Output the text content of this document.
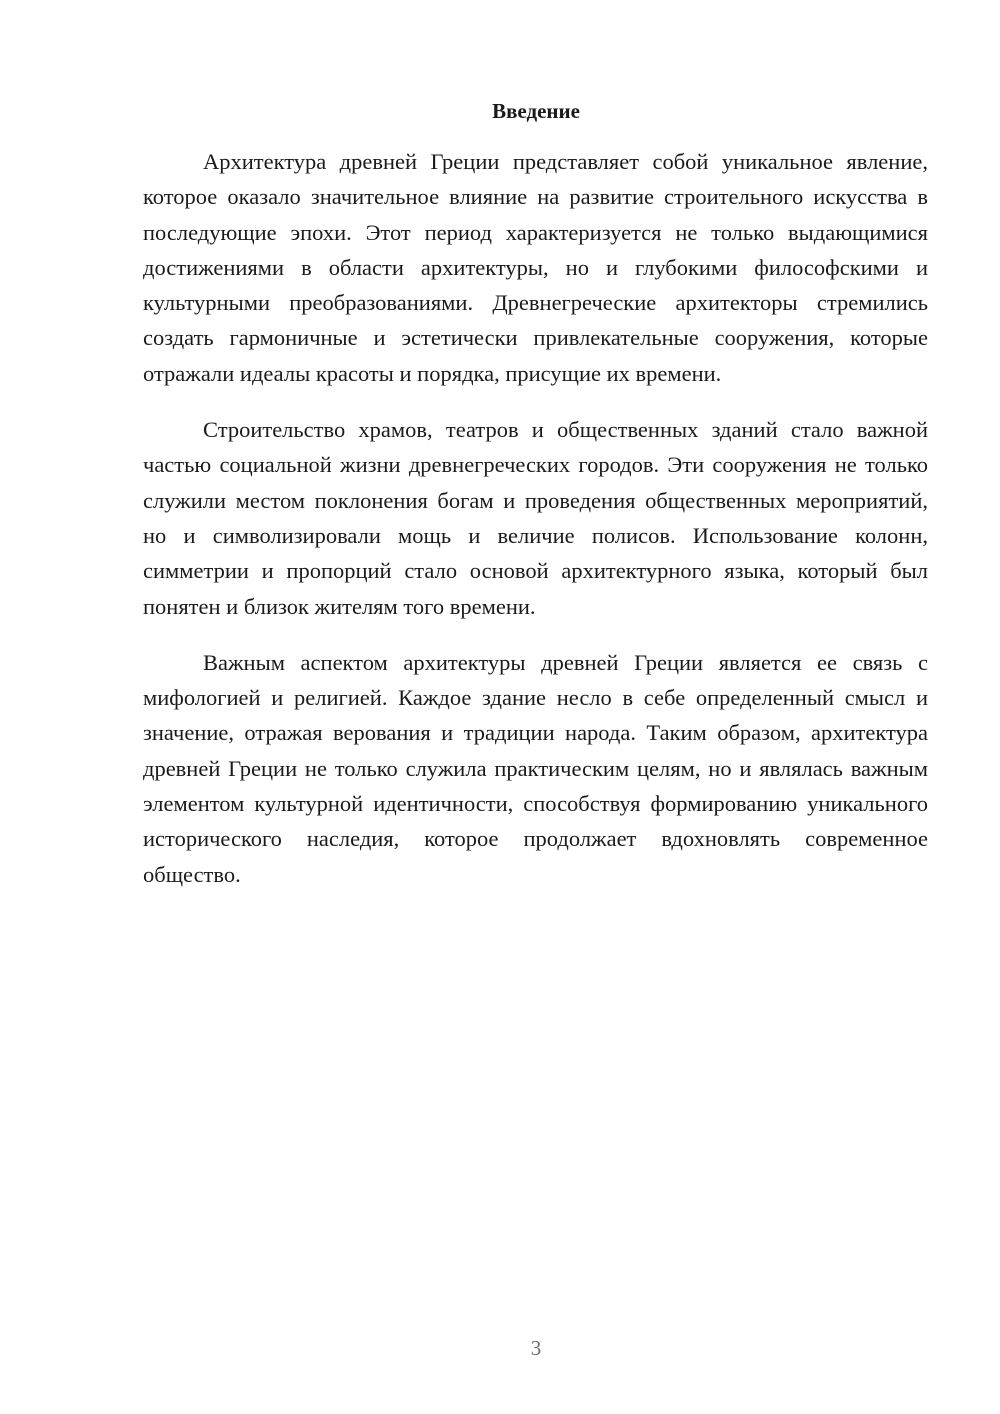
Введение

Архитектура древней Греции представляет собой уникальное явление, которое оказало значительное влияние на развитие строительного искусства в последующие эпохи. Этот период характеризуется не только выдающимися достижениями в области архитектуры, но и глубокими философскими и культурными преобразованиями. Древнегреческие архитекторы стремились создать гармоничные и эстетически привлекательные сооружения, которые отражали идеалы красоты и порядка, присущие их времени.

Строительство храмов, театров и общественных зданий стало важной частью социальной жизни древнегреческих городов. Эти сооружения не только служили местом поклонения богам и проведения общественных мероприятий, но и символизировали мощь и величие полисов. Использование колонн, симметрии и пропорций стало основой архитектурного языка, который был понятен и близок жителям того времени.

Важным аспектом архитектуры древней Греции является ее связь с мифологией и религией. Каждое здание несло в себе определенный смысл и значение, отражая верования и традиции народа. Таким образом, архитектура древней Греции не только служила практическим целям, но и являлась важным элементом культурной идентичности, способствуя формированию уникального исторического наследия, которое продолжает вдохновлять современное общество.

3
